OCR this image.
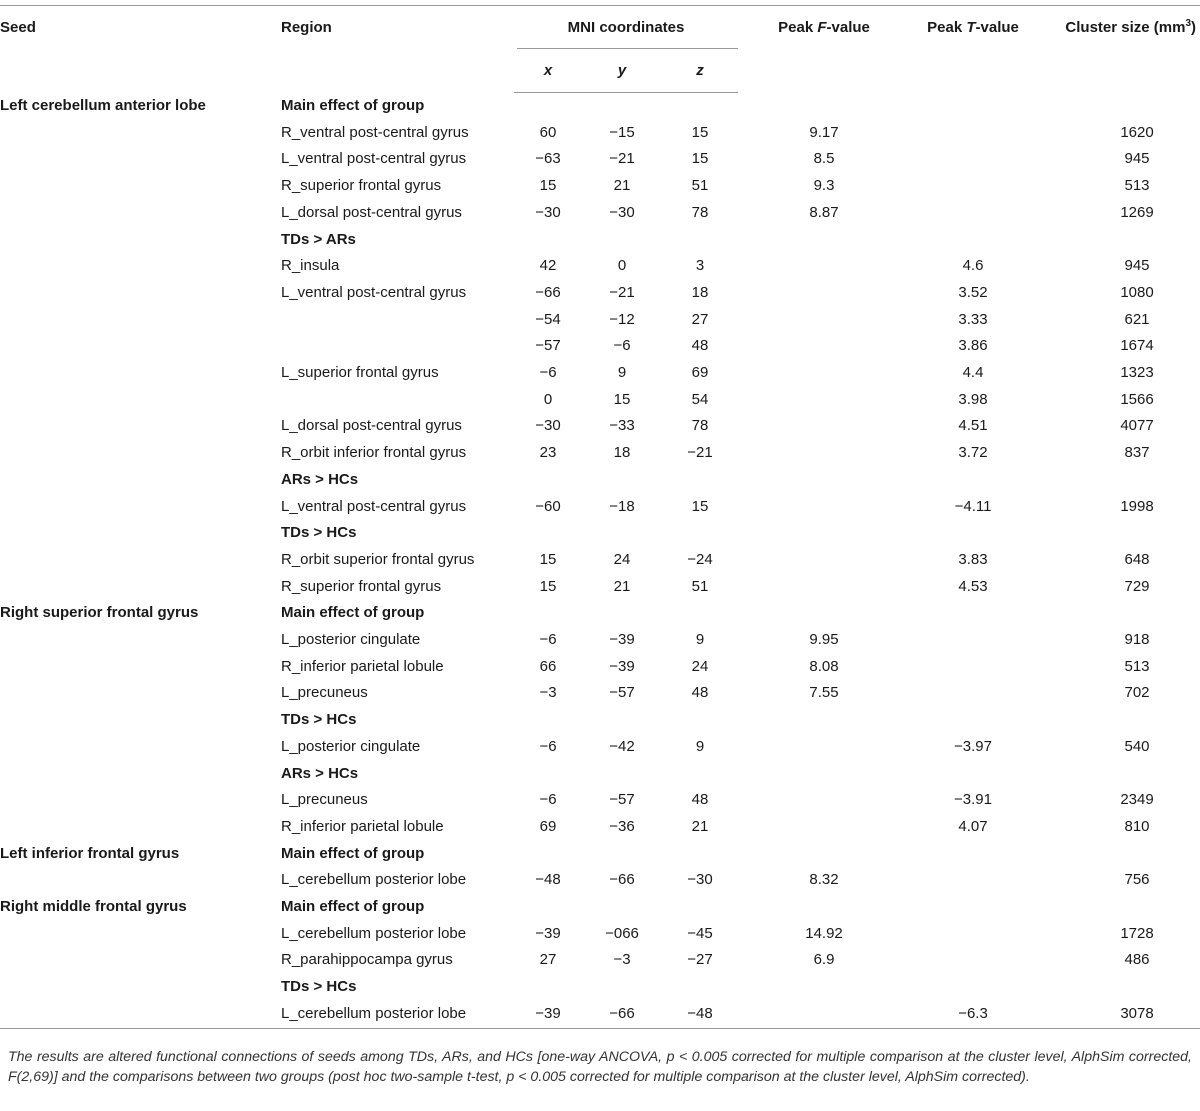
Seed	Region	MNI coordinates			Peak F-value	Peak T-value	Cluster size $(mm^3)$
		x	y	z			
Left cerebellum anterior lobe	Main effect of group						
	R_ventral post-central gyrus	60	−15	15	9.17		1620
	L_ventral post-central gyrus	−63	−21	15	8.5		945
	R_superior frontal gyrus	15	21	51	9.3		513
	L_dorsal post-central gyrus	−30	−30	78	8.87		1269
	TDs > ARs						
	R_insula	42	0	3		4.6	945
	L_ventral post-central gyrus	−66	−21	18		3.52	1080
		−54	−12	27		3.33	621
		−57	−6	48		3.86	1674
	L_superior frontal gyrus	−6	9	69		4.4	1323
		0	15	54		3.98	1566
	L_dorsal post-central gyrus	−30	−33	78		4.51	4077
	R_orbit inferior frontal gyrus	23	18	−21		3.72	837
	ARs > HCs						
	L_ventral post-central gyrus	−60	−18	15		−4.11	1998
	TDs > HCs						
	R_orbit superior frontal gyrus	15	24	−24		3.83	648
	R_superior frontal gyrus	15	21	51		4.53	729
Right superior frontal gyrus	Main effect of group						
	L_posterior cingulate	−6	−39	9	9.95		918
	R_inferior parietal lobule	66	−39	24	8.08		513
	L_precuneus	−3	−57	48	7.55		702
	TDs > HCs						
	L_posterior cingulate	−6	−42	9		−3.97	540
	ARs > HCs						
	L_precuneus	−6	−57	48		−3.91	2349
	R_inferior parietal lobule	69	−36	21		4.07	810
Left inferior frontal gyrus	Main effect of group						
	L_cerebellum posterior lobe	−48	−66	−30	8.32		756
Right middle frontal gyrus	Main effect of group						
	L_cerebellum posterior lobe	−39	−066	−45	14.92		1728
	R_parahippocampa gyrus	27	−3	−27	6.9		486
	TDs > HCs						
	L_cerebellum posterior lobe	−39	−66	−48		−6.3	3078
The results are altered functional connections of seeds among TDs, ARs, and HCs [one-way ANCOVA, p < 0.005 corrected for multiple comparison at the cluster level, AlphSim corrected, F(2,69)] and the comparisons between two groups (post hoc two-sample t-test, p < 0.005 corrected for multiple comparison at the cluster level, AlphSim corrected).
